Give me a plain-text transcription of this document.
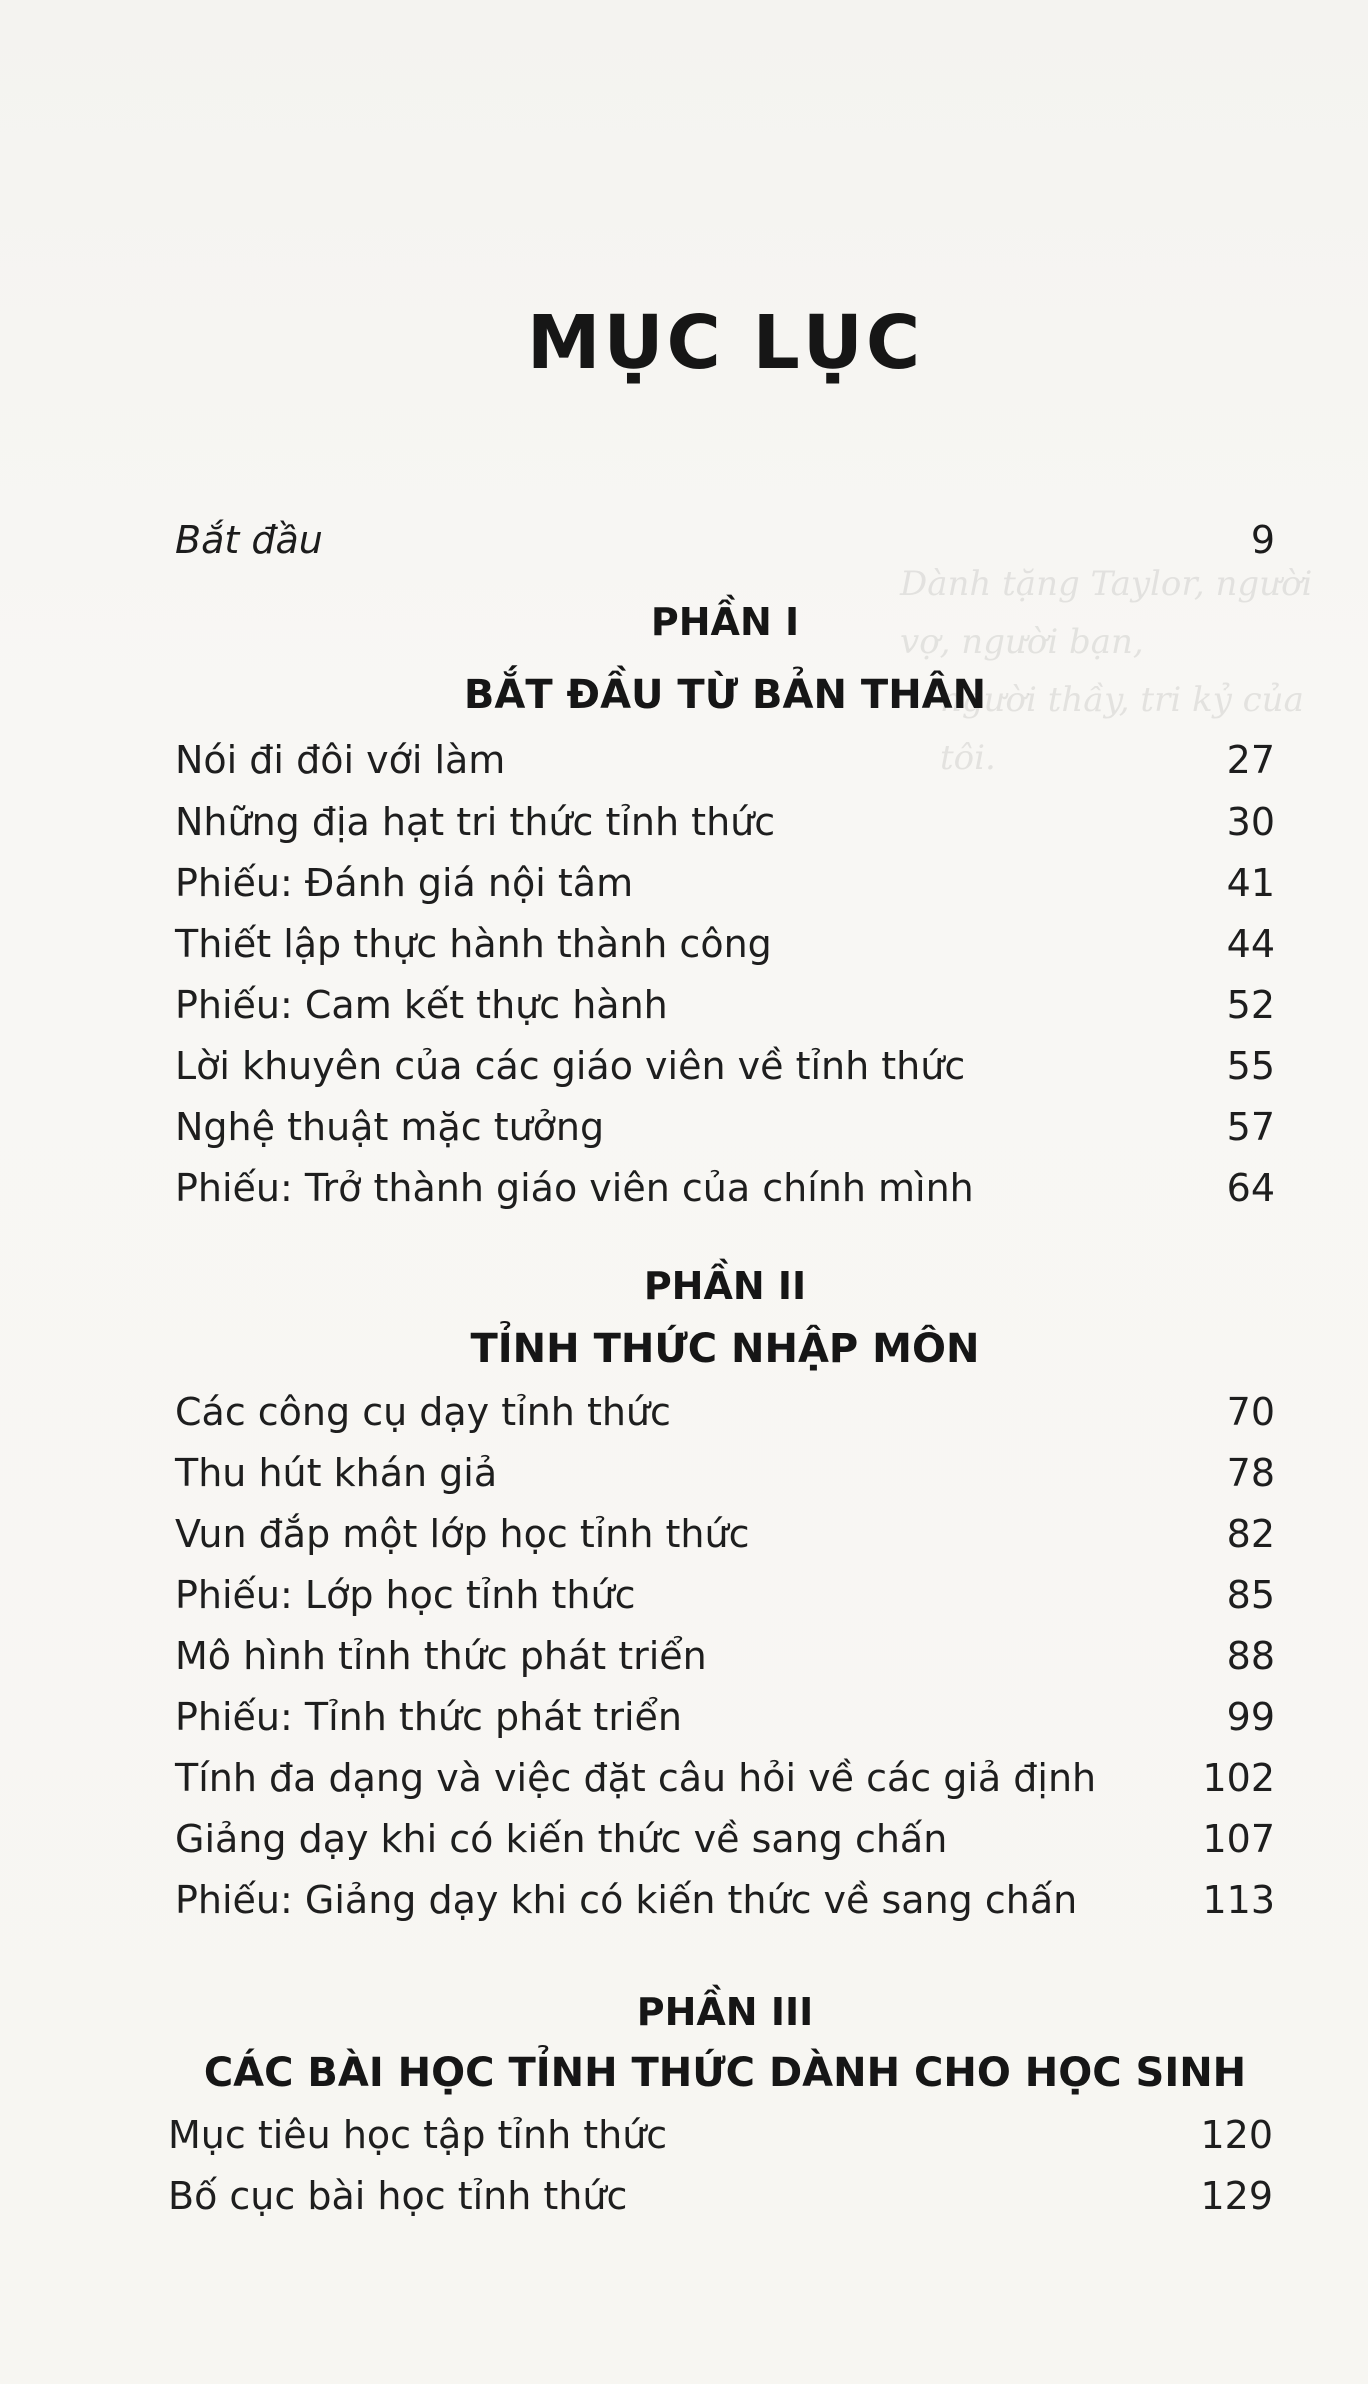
Dành tặng Taylor, người vợ, người bạn,
người thầy, tri kỷ của tôi.
MỤC LỤC
Bắt đầu	9
PHẦN I
BẮT ĐẦU TỪ BẢN THÂN
Nói đi đôi với làm	27
Những địa hạt tri thức tỉnh thức	30
Phiếu: Đánh giá nội tâm	41
Thiết lập thực hành thành công	44
Phiếu: Cam kết thực hành	52
Lời khuyên của các giáo viên về tỉnh thức	55
Nghệ thuật mặc tưởng	57
Phiếu: Trở thành giáo viên của chính mình	64
PHẦN II
TỈNH THỨC NHẬP MÔN
Các công cụ dạy tỉnh thức	70
Thu hút khán giả	78
Vun đắp một lớp học tỉnh thức	82
Phiếu: Lớp học tỉnh thức	85
Mô hình tỉnh thức phát triển	88
Phiếu: Tỉnh thức phát triển	99
Tính đa dạng và việc đặt câu hỏi về các giả định	102
Giảng dạy khi có kiến thức về sang chấn	107
Phiếu: Giảng dạy khi có kiến thức về sang chấn	113
PHẦN III
CÁC BÀI HỌC TỈNH THỨC DÀNH CHO HỌC SINH
Mục tiêu học tập tỉnh thức	120
Bố cục bài học tỉnh thức	129
